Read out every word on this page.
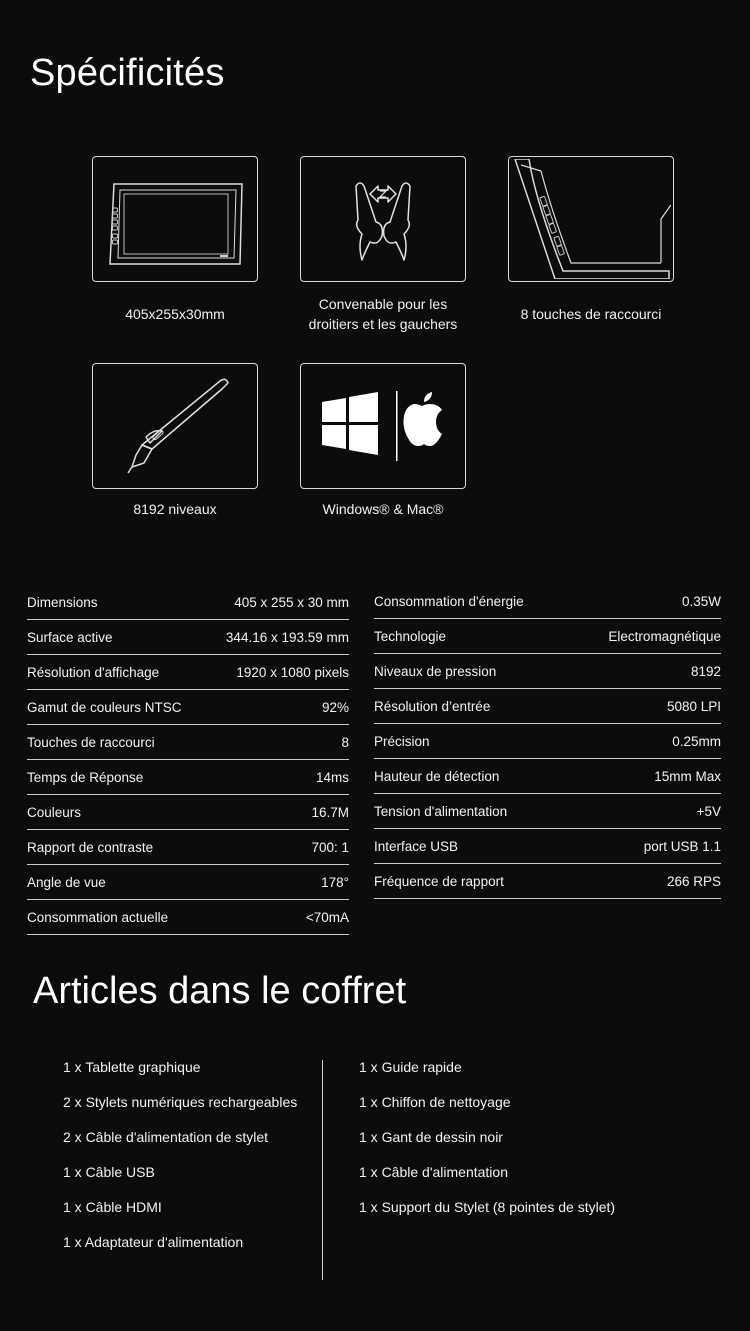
Spécificités
405x255x30mm
Convenable pour les droitiers et les gauchers
8 touches de raccourci
8192 niveaux	Windows® & Mac®
Dimensions	405 x 255 x 30 mm
Surface active	344.16 x 193.59 mm
Résolution d'affichage	1920 x 1080 pixels
Gamut de couleurs NTSC	92%
Touches de raccourci	8
Temps de Réponse	14ms
Couleurs	16.7M
Rapport de contraste	700: 1
Angle de vue	178°
Consommation actuelle	<70mA
Consommation d'énergie	0.35W
Technologie	Electromagnétique
Niveaux de pression	8192
Résolution d’entrée	5080 LPI
Précision	0.25mm
Hauteur de détection	15mm Max
Tension d'alimentation	+5V
Interface USB	port USB 1.1
Fréquence de rapport	266 RPS
Articles dans le coffret
1 x Tablette graphique
2 x Stylets numériques rechargeables
2 x Câble d'alimentation de stylet
1 x Câble USB
1 x Câble HDMI
1 x Adaptateur d'alimentation
1 x Guide rapide
1 x Chiffon de nettoyage
1 x Gant de dessin noir
1 x Câble d'alimentation
1 x Support du Stylet (8 pointes de stylet)
